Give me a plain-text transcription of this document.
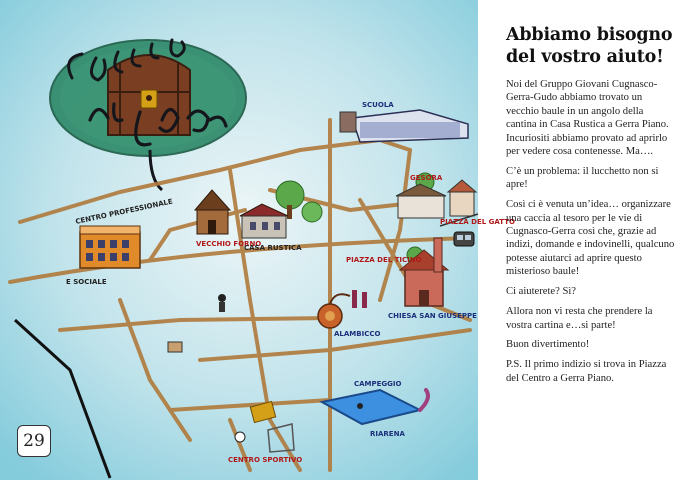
SCUOLA
GESORA
CENTRO PROFESSIONALE
E SOCIALE
VECCHIO FORNO
CASA RUSTICA
PIAZZA DEL TICINO
PIAZZA DEL GATTO
CHIESA SAN GIUSEPPE
ALAMBICCO
CAMPEGGIO
RIARENA
CENTRO SPORTIVO
29
Abbiamo bisogno
del vostro aiuto!

Noi del Gruppo Giovani Cugnasco-Gerra-Gudo abbiamo trovato un vecchio baule in un angolo della cantina in Casa Rustica a Gerra Piano. Incuriositi abbiamo provato ad aprirlo per vedere cosa contenesse. Ma….

C’è un problema: il lucchetto non si apre!

Così ci è venuta un’idea… organizzare una caccia al tesoro per le vie di Cugnasco-Gerra così che, grazie ad indizi, domande e indovinelli, qualcuno potesse aiutarci ad aprire questo misterioso baule!

Ci aiuterete? Sì?

Allora non vi resta che prendere la vostra cartina e…si parte!

Buon divertimento!

P.S. Il primo indizio si trova in Piazza del Centro a Gerra Piano.
